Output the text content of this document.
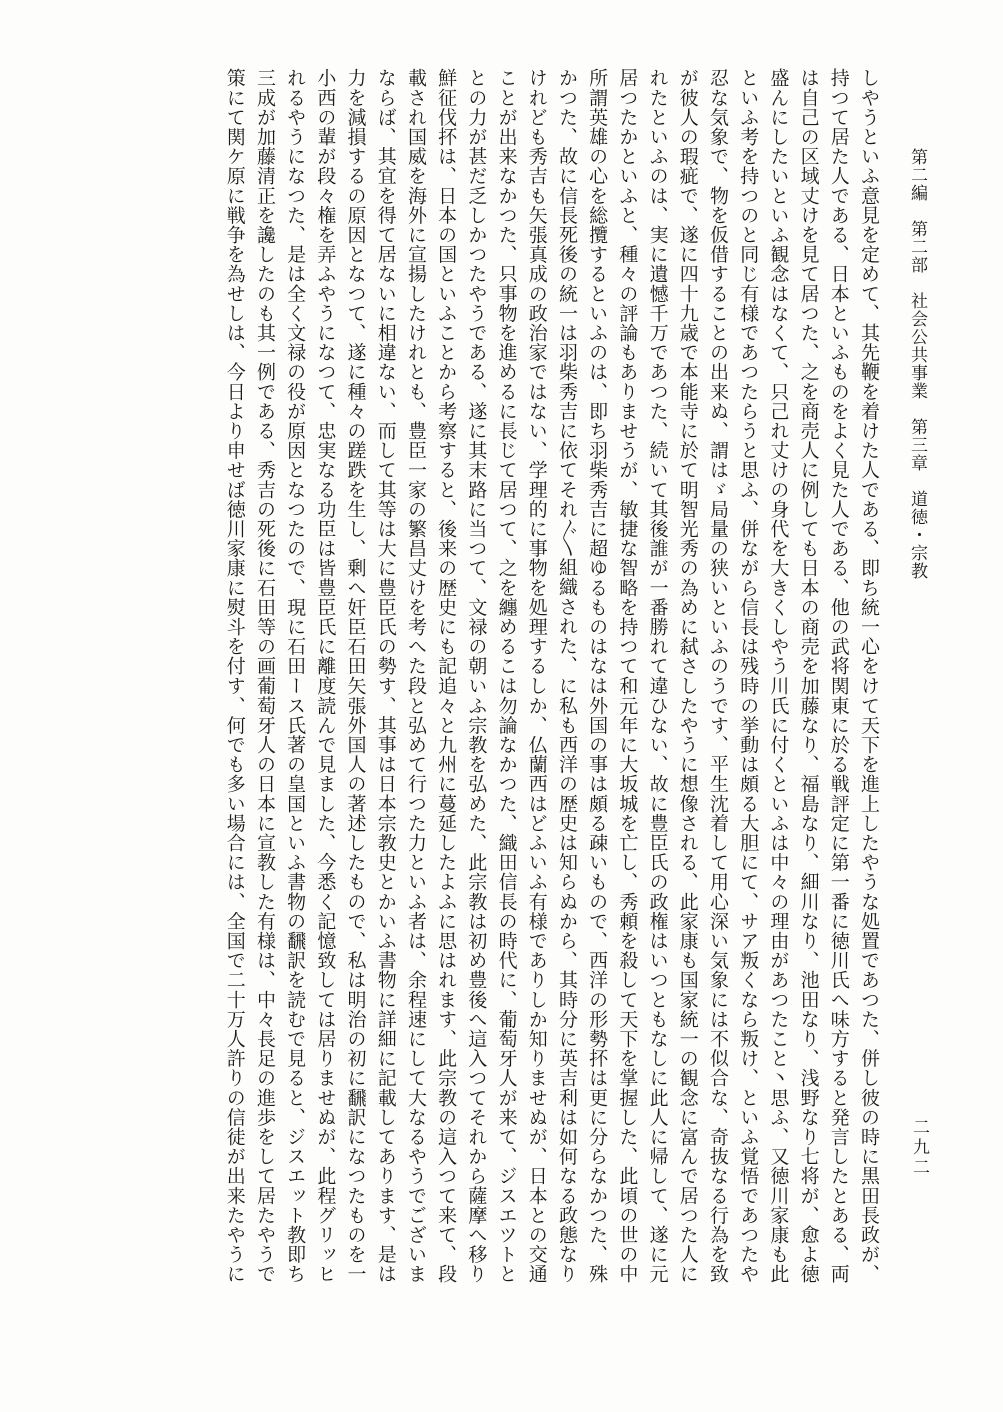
第二編　第二部　社会公共事業　第三章　道徳・宗教
二九二
しやうといふ意見を定めて、其先鞭を着けた人である、即ち統一心を
持つて居た人である、日本といふものをよく見た人である、他の武将
は自己の区域丈けを見て居つた、之を商売人に例しても日本の商売を
盛んにしたいといふ観念はなくて、只己れ丈けの身代を大きくしやう
といふ考を持つのと同じ有様であつたらうと思ふ、併ながら信長は残
忍な気象で、物を仮借することの出来ぬ、謂はゞ局量の狭いといふの
が彼人の瑕疵で、遂に四十九歳で本能寺に於て明智光秀の為めに弑さ
れたといふのは、実に遺憾千万であつた、続いて其後誰が一番勝れて
居つたかといふと、種々の評論もありませうが、敏捷な智略を持つて
所謂英雄の心を総攬するといふのは、即ち羽柴秀吉に超ゆるものはな
かつた、故に信長死後の統一は羽柴秀吉に依てそれ〴〵組織された、
けれども秀吉も矢張真成の政治家ではない、学理的に事物を処理する
ことが出来なかつた、只事物を進めるに長じて居つて、之を纏めるこ
との力が甚だ乏しかつたやうである、遂に其末路に当つて、文禄の朝
鮮征伐抔は、日本の国といふことから考察すると、後来の歴史にも記
載され国威を海外に宣揚したけれとも、豊臣一家の繁昌丈けを考へた
ならば、其宜を得て居ないに相違ない、而して其等は大に豊臣氏の勢
力を減損するの原因となつて、遂に種々の蹉跌を生し、剰へ奸臣石田
小西の輩が段々権を弄ふやうになつて、忠実なる功臣は皆豊臣氏に離
れるやうになつた、是は全く文禄の役が原因となつたので、現に石田
三成が加藤清正を讒したのも其一例である、秀吉の死後に石田等の画
策にて関ケ原に戦争を為せしは、今日より申せば徳川家康に熨斗を付
けて天下を進上したやうな処置であつた、併し彼の時に黒田長政が、
関東に於る戦評定に第一番に徳川氏へ味方すると発言したとある、両
加藤なり、福島なり、細川なり、池田なり、浅野なり七将が、愈よ徳
川氏に付くといふは中々の理由があつたこと丶思ふ、又徳川家康も此
時の挙動は頗る大胆にて、サア叛くなら叛け、といふ覚悟であつたや
うです、平生沈着して用心深い気象には不似合な、奇抜なる行為を致
したやうに想像される、此家康も国家統一の観念に富んで居つた人に
違ひない、故に豊臣氏の政権はいつともなしに此人に帰して、遂に元
和元年に大坂城を亡し、秀頼を殺して天下を掌握した、此頃の世の中
は外国の事は頗る疎いもので、西洋の形勢抔は更に分らなかつた、殊
に私も西洋の歴史は知らぬから、其時分に英吉利は如何なる政態なり
しか、仏蘭西はどふいふ有様でありしか知りませぬが、日本との交通
は勿論なかつた、織田信長の時代に、葡萄牙人が来て、ジスエツトと
いふ宗教を弘めた、此宗教は初め豊後へ這入つてそれから薩摩へ移り
追々と九州に蔓延したよふに思はれます、此宗教の這入つて来て、段
段と弘めて行つた力といふ者は、余程速にして大なるやうでございま
す、其事は日本宗教史とかいふ書物に詳細に記載してあります、是は
矢張外国人の著述したもので、私は明治の初に飜訳になつたものを一
度読んで見ました、今悉く記憶致しては居りませぬが、此程グリッヒ
ース氏著の皇国といふ書物の飜訳を読むで見ると、ジスエット教即ち
葡萄牙人の日本に宣教した有様は、中々長足の進歩をして居たやうで
す、何でも多い場合には、全国で二十万人許りの信徒が出来たやうに
